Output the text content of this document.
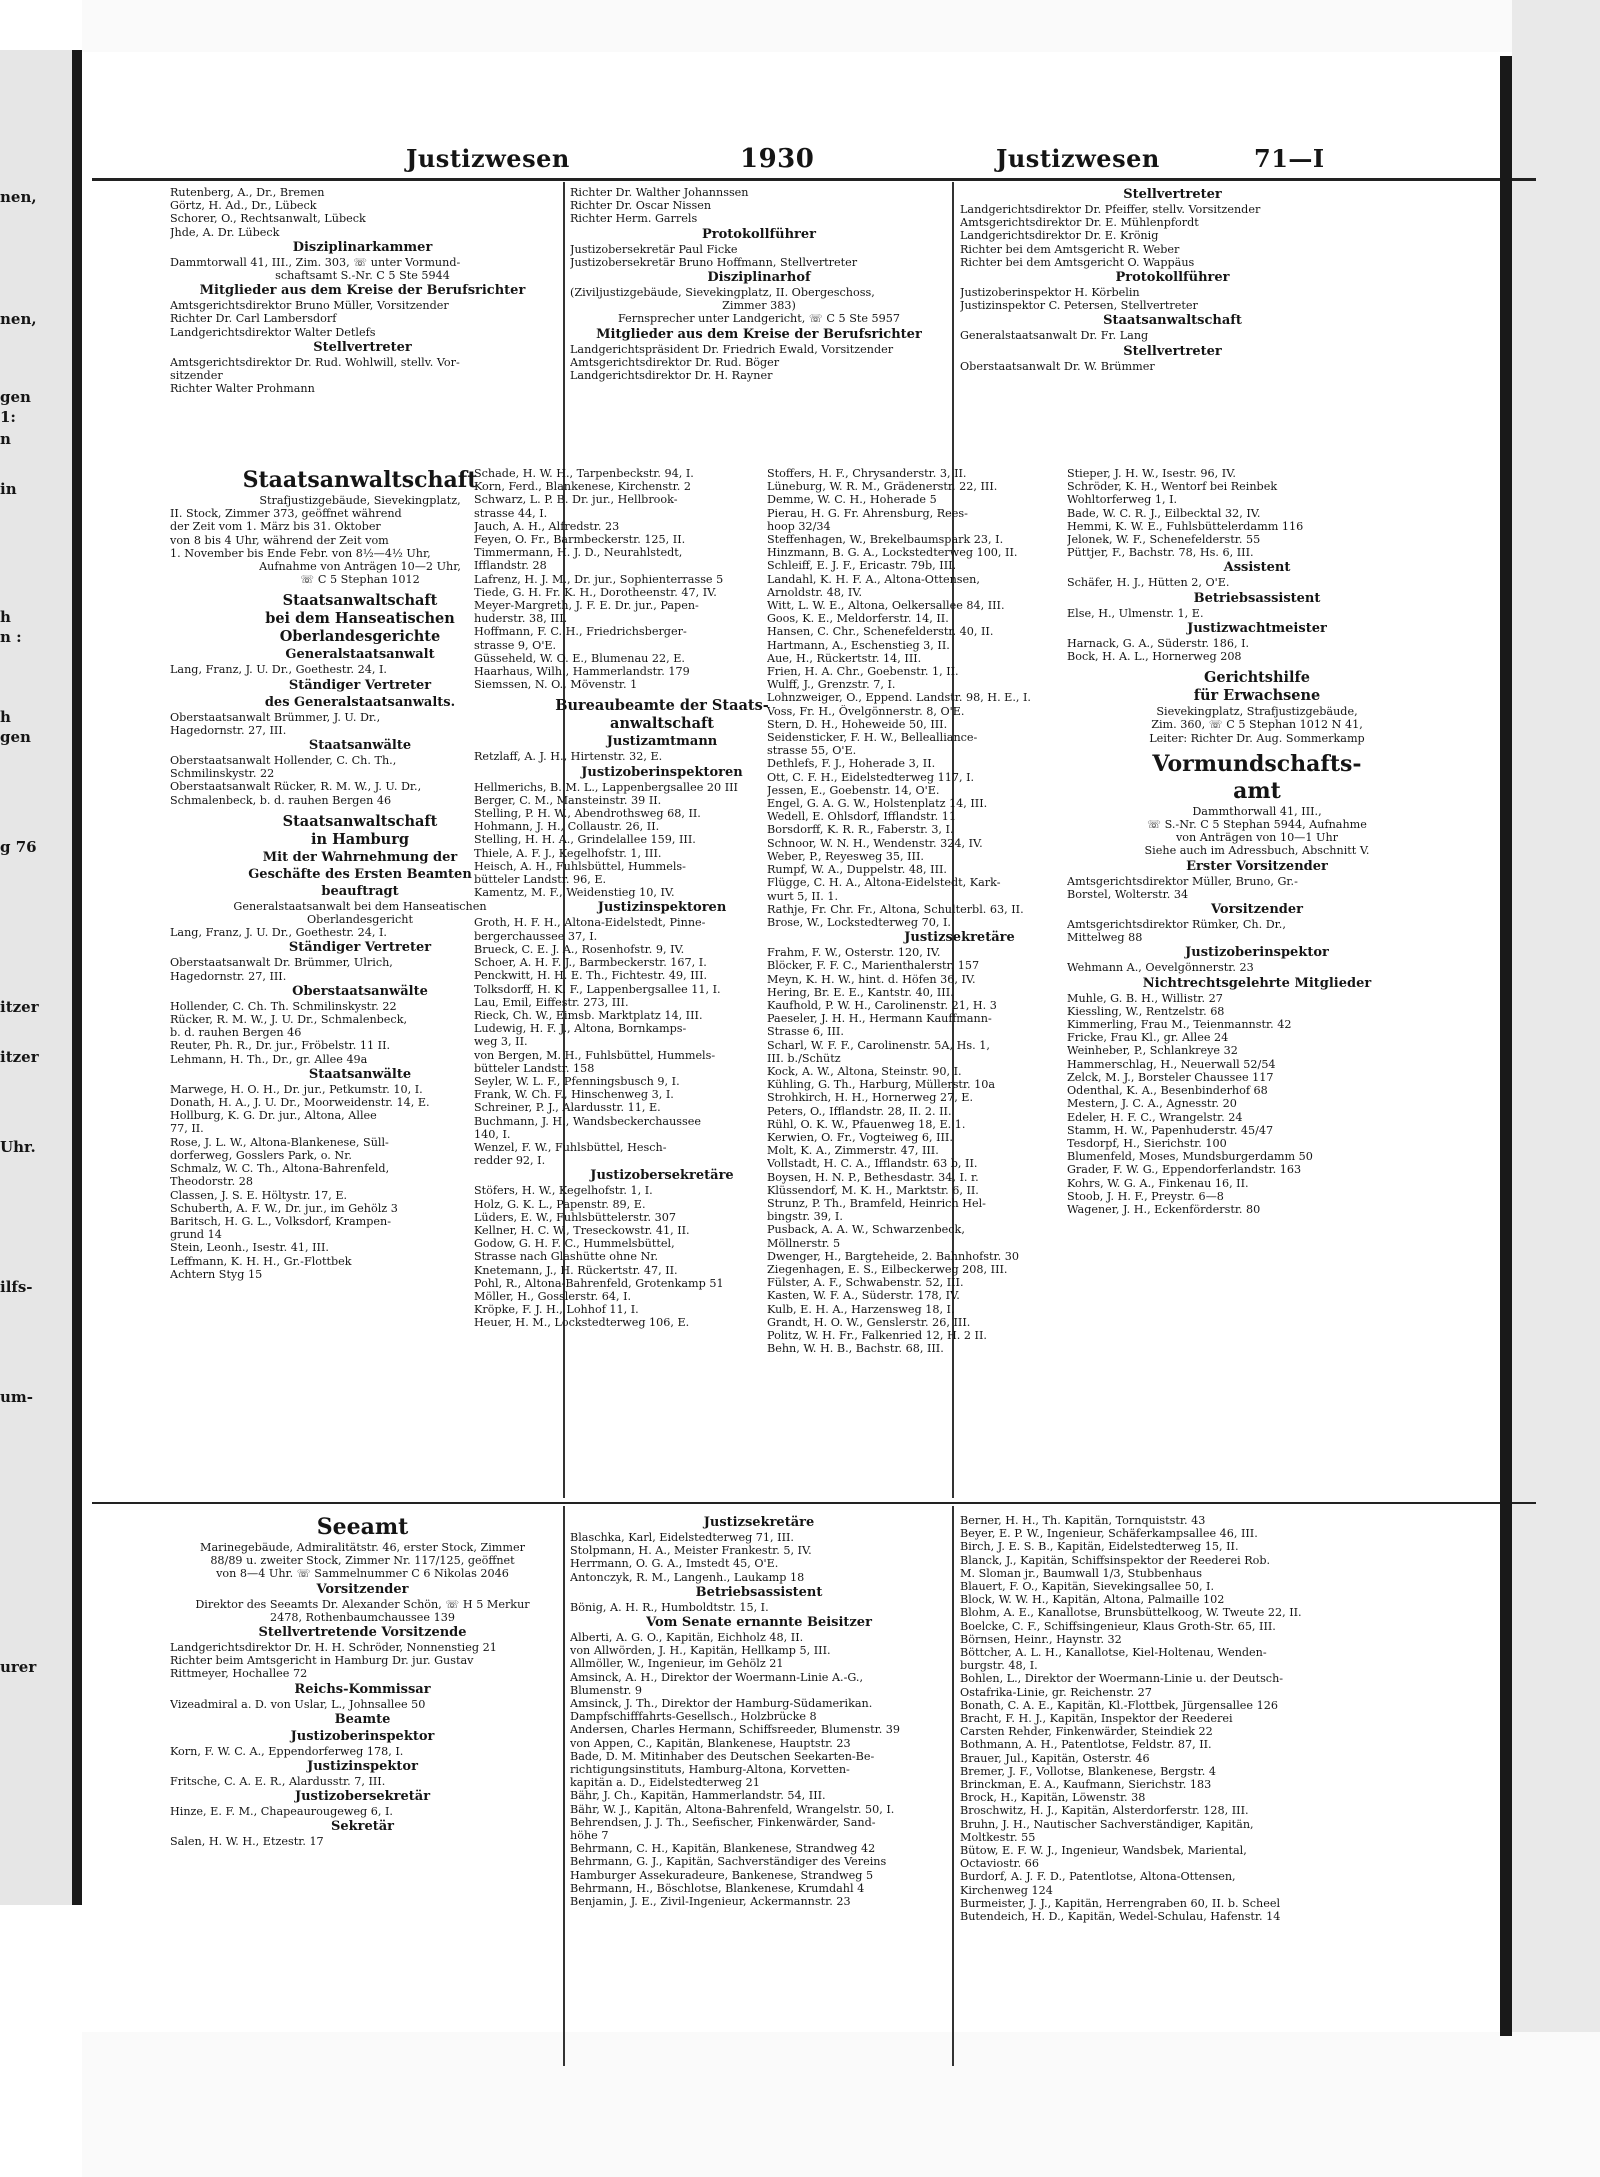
nen,
nen,
gen
1:
n
in
h
n :
h
gen
g 76
itzer
itzer
Uhr.
ilfs-
um-
urer
Justizwesen	1930	Justizwesen	71—I
Rutenberg, A., Dr., Bremen
Görtz, H. Ad., Dr., Lübeck
Schorer, O., Rechtsanwalt, Lübeck
Jhde, A. Dr. Lübeck
Disziplinarkammer
Dammtorwall 41, III., Zim. 303, ☏ unter Vormund-
schaftsamt S.-Nr. C 5 Ste 5944
Mitglieder aus dem Kreise der Berufsrichter
Amtsgerichtsdirektor Bruno Müller, Vorsitzender
Richter Dr. Carl Lambersdorf
Landgerichtsdirektor Walter Detlefs
Stellvertreter
Amtsgerichtsdirektor Dr. Rud. Wohlwill, stellv. Vor-
sitzender
Richter Walter Prohmann
Richter Dr. Walther Johannssen
Richter Dr. Oscar Nissen
Richter Herm. Garrels
Protokollführer
Justizobersekretär Paul Ficke
Justizobersekretär Bruno Hoffmann, Stellvertreter
Disziplinarhof
(Ziviljustizgebäude, Sievekingplatz, II. Obergeschoss,
Zimmer 383)
Fernsprecher unter Landgericht, ☏ C 5 Ste 5957
Mitglieder aus dem Kreise der Berufsrichter
Landgerichtspräsident Dr. Friedrich Ewald, Vorsitzender
Amtsgerichtsdirektor Dr. Rud. Böger
Landgerichtsdirektor Dr. H. Rayner
Stellvertreter
Landgerichtsdirektor Dr. Pfeiffer, stellv. Vorsitzender
Amtsgerichtsdirektor Dr. E. Mühlenpfordt
Landgerichtsdirektor Dr. E. Krönig
Richter bei dem Amtsgericht R. Weber
Richter bei dem Amtsgericht O. Wappäus
Protokollführer
Justizoberinspektor H. Körbelin
Justizinspektor C. Petersen, Stellvertreter
Staatsanwaltschaft
Generalstaatsanwalt Dr. Fr. Lang
Stellvertreter
Oberstaatsanwalt Dr. W. Brümmer
Staatsanwaltschaft
Strafjustizgebäude, Sievekingplatz,
II. Stock, Zimmer 373, geöffnet während
der Zeit vom 1. März bis 31. Oktober
von 8 bis 4 Uhr, während der Zeit vom
1. November bis Ende Febr. von 8½—4½ Uhr,
Aufnahme von Anträgen 10—2 Uhr,
☏ C 5 Stephan 1012
Staatsanwaltschaft
bei dem Hanseatischen
Oberlandesgerichte
Generalstaatsanwalt
Lang, Franz, J. U. Dr., Goethestr. 24, I.
Ständiger Vertreter
des Generalstaatsanwalts.
Oberstaatsanwalt Brümmer, J. U. Dr.,
Hagedornstr. 27, III.
Staatsanwälte
Oberstaatsanwalt Hollender, C. Ch. Th.,
Schmilinskystr. 22
Oberstaatsanwalt Rücker, R. M. W., J. U. Dr.,
Schmalenbeck, b. d. rauhen Bergen 46
Staatsanwaltschaft
in Hamburg
Mit der Wahrnehmung der
Geschäfte des Ersten Beamten
beauftragt
Generalstaatsanwalt bei dem Hanseatischen
Oberlandesgericht
Lang, Franz, J. U. Dr., Goethestr. 24, I.
Ständiger Vertreter
Oberstaatsanwalt Dr. Brümmer, Ulrich,
Hagedornstr. 27, III.
Oberstaatsanwälte
Hollender, C. Ch. Th. Schmilinskystr. 22
Rücker, R. M. W., J. U. Dr., Schmalenbeck,
b. d. rauhen Bergen 46
Reuter, Ph. R., Dr. jur., Fröbelstr. 11 II.
Lehmann, H. Th., Dr., gr. Allee 49a
Staatsanwälte
Marwege, H. O. H., Dr. jur., Petkumstr. 10, I.
Donath, H. A., J. U. Dr., Moorweidenstr. 14, E.
Hollburg, K. G. Dr. jur., Altona, Allee
77, II.
Rose, J. L. W., Altona-Blankenese, Süll-
dorferweg, Gosslers Park, o. Nr.
Schmalz, W. C. Th., Altona-Bahrenfeld,
Theodorstr. 28
Classen, J. S. E. Höltystr. 17, E.
Schuberth, A. F. W., Dr. jur., im Gehölz 3
Baritsch, H. G. L., Volksdorf, Krampen-
grund 14
Stein, Leonh., Isestr. 41, III.
Leffmann, K. H. H., Gr.-Flottbek
Achtern Styg 15
Schade, H. W. H., Tarpenbeckstr. 94, I.
Korn, Ferd., Blankenese, Kirchenstr. 2
Schwarz, L. P. B. Dr. jur., Hellbrook-
strasse 44, I.
Jauch, A. H., Alfredstr. 23
Feyen, O. Fr., Barmbeckerstr. 125, II.
Timmermann, H. J. D., Neurahlstedt,
Ifflandstr. 28
Lafrenz, H. J. M., Dr. jur., Sophienterrasse 5
Tiede, G. H. Fr. K. H., Dorotheenstr. 47, IV.
Meyer-Margreth, J. F. E. Dr. jur., Papen-
huderstr. 38, III.
Hoffmann, F. C. H., Friedrichsberger-
strasse 9, O'E.
Güsseheld, W. O. E., Blumenau 22, E.
Haarhaus, Wilh., Hammerlandstr. 179
Siemssen, N. O., Mövenstr. 1
Bureaubeamte der Staats-
anwaltschaft
Justizamtmann
Retzlaff, A. J. H., Hirtenstr. 32, E.
Justizoberinspektoren
Hellmerichs, B. M. L., Lappenbergsallee 20 III
Berger, C. M., Mansteinstr. 39 II.
Stelling, P. H. W., Abendrothsweg 68, II.
Hohmann, J. H., Collaustr. 26, II.
Stelling, H. H. A., Grindelallee 159, III.
Thiele, A. F. J., Kegelhofstr. 1, III.
Heisch, A. H., Fuhlsbüttel, Hummels-
bütteler Landstr. 96, E.
Kamentz, M. F., Weidenstieg 10, IV.
Justizinspektoren
Groth, H. F. H., Altona-Eidelstedt, Pinne-
bergerchaussee 37, I.
Brueck, C. E. J. A., Rosenhofstr. 9, IV.
Schoer, A. H. F. J., Barmbeckerstr. 167, I.
Penckwitt, H. H. E. Th., Fichtestr. 49, III.
Tolksdorff, H. K. F., Lappenbergsallee 11, I.
Lau, Emil, Eiffestr. 273, III.
Rieck, Ch. W., Eimsb. Marktplatz 14, III.
Ludewig, H. F. J., Altona, Bornkamps-
weg 3, II.
von Bergen, M. H., Fuhlsbüttel, Hummels-
bütteler Landstr. 158
Seyler, W. L. F., Pfenningsbusch 9, I.
Frank, W. Ch. F., Hinschenweg 3, I.
Schreiner, P. J., Alardusstr. 11, E.
Buchmann, J. H., Wandsbeckerchaussee
140, I.
Wenzel, F. W., Fuhlsbüttel, Hesch-
redder 92, I.
Justizobersekretäre
Stöfers, H. W., Kegelhofstr. 1, I.
Holz, G. K. L., Papenstr. 89, E.
Lüders, E. W., Fuhlsbüttelerstr. 307
Kellner, H. C. W., Treseckowstr. 41, II.
Godow, G. H. F. C., Hummelsbüttel,
Strasse nach Glashütte ohne Nr.
Knetemann, J., H. Rückertstr. 47, II.
Pohl, R., Altona-Bahrenfeld, Grotenkamp 51
Möller, H., Gosslerstr. 64, I.
Kröpke, F. J. H., Lohhof 11, I.
Heuer, H. M., Lockstedterweg 106, E.
Stoffers, H. F., Chrysanderstr. 3, II.
Lüneburg, W. R. M., Grädenerstr. 22, III.
Demme, W. C. H., Hoherade 5
Pierau, H. G. Fr. Ahrensburg, Rees-
hoop 32/34
Steffenhagen, W., Brekelbaumspark 23, I.
Hinzmann, B. G. A., Lockstedterweg 100, II.
Schleiff, E. J. F., Ericastr. 79b, III.
Landahl, K. H. F. A., Altona-Ottensen,
Arnoldstr. 48, IV.
Witt, L. W. E., Altona, Oelkersallee 84, III.
Goos, K. E., Meldorferstr. 14, II.
Hansen, C. Chr., Schenefelderstr. 40, II.
Hartmann, A., Eschenstieg 3, II.
Aue, H., Rückertstr. 14, III.
Frien, H. A. Chr., Goebenstr. 1, II.
Wulff, J., Grenzstr. 7, I.
Lohnzweiger, O., Eppend. Landstr. 98, H. E., I.
Voss, Fr. H., Övelgönnerstr. 8, O'E.
Stern, D. H., Hoheweide 50, III.
Seidensticker, F. H. W., Bellealliance-
strasse 55, O'E.
Dethlefs, F. J., Hoherade 3, II.
Ott, C. F. H., Eidelstedterweg 117, I.
Jessen, E., Goebenstr. 14, O'E.
Engel, G. A. G. W., Holstenplatz 14, III.
Wedell, E. Ohlsdorf, Ifflandstr. 11
Borsdorff, K. R. R., Faberstr. 3, I.
Schnoor, W. N. H., Wendenstr. 324, IV.
Weber, P., Reyesweg 35, III.
Rumpf, W. A., Duppelstr. 48, III.
Flügge, C. H. A., Altona-Eidelstedt, Kark-
wurt 5, II. 1.
Rathje, Fr. Chr. Fr., Altona, Schulterbl. 63, II.
Brose, W., Lockstedterweg 70, I.
Justizsekretäre
Frahm, F. W., Osterstr. 120, IV.
Blöcker, F. F. C., Marienthalerstr. 157
Meyn, K. H. W., hint. d. Höfen 36, IV.
Hering, Br. E. E., Kantstr. 40, III.
Kaufhold, P. W. H., Carolinenstr. 21, H. 3
Paeseler, J. H. H., Hermann Kauffmann-
Strasse 6, III.
Scharl, W. F. F., Carolinenstr. 5A, Hs. 1,
III. b./Schütz
Kock, A. W., Altona, Steinstr. 90, I.
Kühling, G. Th., Harburg, Müllerstr. 10a
Strohkirch, H. H., Hornerweg 27, E.
Peters, O., Ifflandstr. 28, II. 2. II.
Rühl, O. K. W., Pfauenweg 18, E. 1.
Kerwien, O. Fr., Vogteiweg 6, III.
Molt, K. A., Zimmerstr. 47, III.
Vollstadt, H. C. A., Ifflandstr. 63 b, II.
Boysen, H. N. P., Bethesdastr. 34, I. r.
Klüssendorf, M. K. H., Marktstr. 6, II.
Strunz, P. Th., Bramfeld, Heinrich Hel-
bingstr. 39, I.
Pusback, A. A. W., Schwarzenbeck,
Möllnerstr. 5
Dwenger, H., Bargteheide, 2. Bahnhofstr. 30
Ziegenhagen, E. S., Eilbeckerweg 208, III.
Fülster, A. F., Schwabenstr. 52, III.
Kasten, W. F. A., Süderstr. 178, IV.
Kulb, E. H. A., Harzensweg 18, I.
Grandt, H. O. W., Genslerstr. 26, III.
Politz, W. H. Fr., Falkenried 12, H. 2 II.
Behn, W. H. B., Bachstr. 68, III.
Stieper, J. H. W., Isestr. 96, IV.
Schröder, K. H., Wentorf bei Reinbek
Wohltorferweg 1, I.
Bade, W. C. R. J., Eilbecktal 32, IV.
Hemmi, K. W. E., Fuhlsbüttelerdamm 116
Jelonek, W. F., Schenefelderstr. 55
Püttjer, F., Bachstr. 78, Hs. 6, III.
Assistent
Schäfer, H. J., Hütten 2, O'E.
Betriebsassistent
Else, H., Ulmenstr. 1, E.
Justizwachtmeister
Harnack, G. A., Süderstr. 186, I.
Bock, H. A. L., Hornerweg 208
Gerichtshilfe
für Erwachsene
Sievekingplatz, Strafjustizgebäude,
Zim. 360, ☏ C 5 Stephan 1012 N 41,
Leiter: Richter Dr. Aug. Sommerkamp
Vormundschafts-
amt
Dammthorwall 41, III.,
☏ S.-Nr. C 5 Stephan 5944, Aufnahme
von Anträgen von 10—1 Uhr
Siehe auch im Adressbuch, Abschnitt V.
Erster Vorsitzender
Amtsgerichtsdirektor Müller, Bruno, Gr.-
Borstel, Wolterstr. 34
Vorsitzender
Amtsgerichtsdirektor Rümker, Ch. Dr.,
Mittelweg 88
Justizoberinspektor
Wehmann A., Oevelgönnerstr. 23
Nichtrechtsgelehrte Mitglieder
Muhle, G. B. H., Willistr. 27
Kiessling, W., Rentzelstr. 68
Kimmerling, Frau M., Teienmannstr. 42
Fricke, Frau Kl., gr. Allee 24
Weinheber, P., Schlankreye 32
Hammerschlag, H., Neuerwall 52/54
Zelck, M. J., Borsteler Chaussee 117
Odenthal, K. A., Besenbinderhof 68
Mestern, J. C. A., Agnesstr. 20
Edeler, H. F. C., Wrangelstr. 24
Stamm, H. W., Papenhuderstr. 45/47
Tesdorpf, H., Sierichstr. 100
Blumenfeld, Moses, Mundsburgerdamm 50
Grader, F. W. G., Eppendorferlandstr. 163
Kohrs, W. G. A., Finkenau 16, II.
Stoob, J. H. F., Preystr. 6—8
Wagener, J. H., Eckenförderstr. 80
Seeamt
Marinegebäude, Admiralitätstr. 46, erster Stock, Zimmer
88/89 u. zweiter Stock, Zimmer Nr. 117/125, geöffnet
von 8—4 Uhr. ☏ Sammelnummer C 6 Nikolas 2046
Vorsitzender
Direktor des Seeamts Dr. Alexander Schön, ☏ H 5 Merkur
2478, Rothenbaumchaussee 139
Stellvertretende Vorsitzende
Landgerichtsdirektor Dr. H. H. Schröder, Nonnenstieg 21
Richter beim Amtsgericht in Hamburg Dr. jur. Gustav
Rittmeyer, Hochallee 72
Reichs-Kommissar
Vizeadmiral a. D. von Uslar, L., Johnsallee 50
Beamte
Justizoberinspektor
Korn, F. W. C. A., Eppendorferweg 178, I.
Justizinspektor
Fritsche, C. A. E. R., Alardusstr. 7, III.
Justizobersekretär
Hinze, E. F. M., Chapeaurougeweg 6, I.
Sekretär
Salen, H. W. H., Etzestr. 17
Justizsekretäre
Blaschka, Karl, Eidelstedterweg 71, III.
Stolpmann, H. A., Meister Frankestr. 5, IV.
Herrmann, O. G. A., Imstedt 45, O'E.
Antonczyk, R. M., Langenh., Laukamp 18
Betriebsassistent
Bönig, A. H. R., Humboldtstr. 15, I.
Vom Senate ernannte Beisitzer
Alberti, A. G. O., Kapitän, Eichholz 48, II.
von Allwörden, J. H., Kapitän, Hellkamp 5, III.
Allmöller, W., Ingenieur, im Gehölz 21
Amsinck, A. H., Direktor der Woermann-Linie A.-G.,
Blumenstr. 9
Amsinck, J. Th., Direktor der Hamburg-Südamerikan.
Dampfschifffahrts-Gesellsch., Holzbrücke 8
Andersen, Charles Hermann, Schiffsreeder, Blumenstr. 39
von Appen, C., Kapitän, Blankenese, Hauptstr. 23
Bade, D. M. Mitinhaber des Deutschen Seekarten-Be-
richtigungsinstituts, Hamburg-Altona, Korvetten-
kapitän a. D., Eidelstedterweg 21
Bähr, J. Ch., Kapitän, Hammerlandstr. 54, III.
Bähr, W. J., Kapitän, Altona-Bahrenfeld, Wrangelstr. 50, I.
Behrendsen, J. J. Th., Seefischer, Finkenwärder, Sand-
höhe 7
Behrmann, C. H., Kapitän, Blankenese, Strandweg 42
Behrmann, G. J., Kapitän, Sachverständiger des Vereins
Hamburger Assekuradeure, Bankenese, Strandweg 5
Behrmann, H., Böschlotse, Blankenese, Krumdahl 4
Benjamin, J. E., Zivil-Ingenieur, Ackermannstr. 23
Berner, H. H., Th. Kapitän, Tornquiststr. 43
Beyer, E. P. W., Ingenieur, Schäferkampsallee 46, III.
Birch, J. E. S. B., Kapitän, Eidelstedterweg 15, II.
Blanck, J., Kapitän, Schiffsinspektor der Reederei Rob.
M. Sloman jr., Baumwall 1/3, Stubbenhaus
Blauert, F. O., Kapitän, Sievekingsallee 50, I.
Block, W. W. H., Kapitän, Altona, Palmaille 102
Blohm, A. E., Kanallotse, Brunsbüttelkoog, W. Tweute 22, II.
Boelcke, C. F., Schiffsingenieur, Klaus Groth-Str. 65, III.
Börnsen, Heinr., Haynstr. 32
Böttcher, A. L. H., Kanallotse, Kiel-Holtenau, Wenden-
burgstr. 48, I.
Bohlen, L., Direktor der Woermann-Linie u. der Deutsch-
Ostafrika-Linie, gr. Reichenstr. 27
Bonath, C. A. E., Kapitän, Kl.-Flottbek, Jürgensallee 126
Bracht, F. H. J., Kapitän, Inspektor der Reederei
Carsten Rehder, Finkenwärder, Steindiek 22
Bothmann, A. H., Patentlotse, Feldstr. 87, II.
Brauer, Jul., Kapitän, Osterstr. 46
Bremer, J. F., Vollotse, Blankenese, Bergstr. 4
Brinckman, E. A., Kaufmann, Sierichstr. 183
Brock, H., Kapitän, Löwenstr. 38
Broschwitz, H. J., Kapitän, Alsterdorferstr. 128, III.
Bruhn, J. H., Nautischer Sachverständiger, Kapitän,
Moltkestr. 55
Bütow, E. F. W. J., Ingenieur, Wandsbek, Mariental,
Octaviostr. 66
Burdorf, A. J. F. D., Patentlotse, Altona-Ottensen,
Kirchenweg 124
Burmeister, J. J., Kapitän, Herrengraben 60, II. b. Scheel
Butendeich, H. D., Kapitän, Wedel-Schulau, Hafenstr. 14
